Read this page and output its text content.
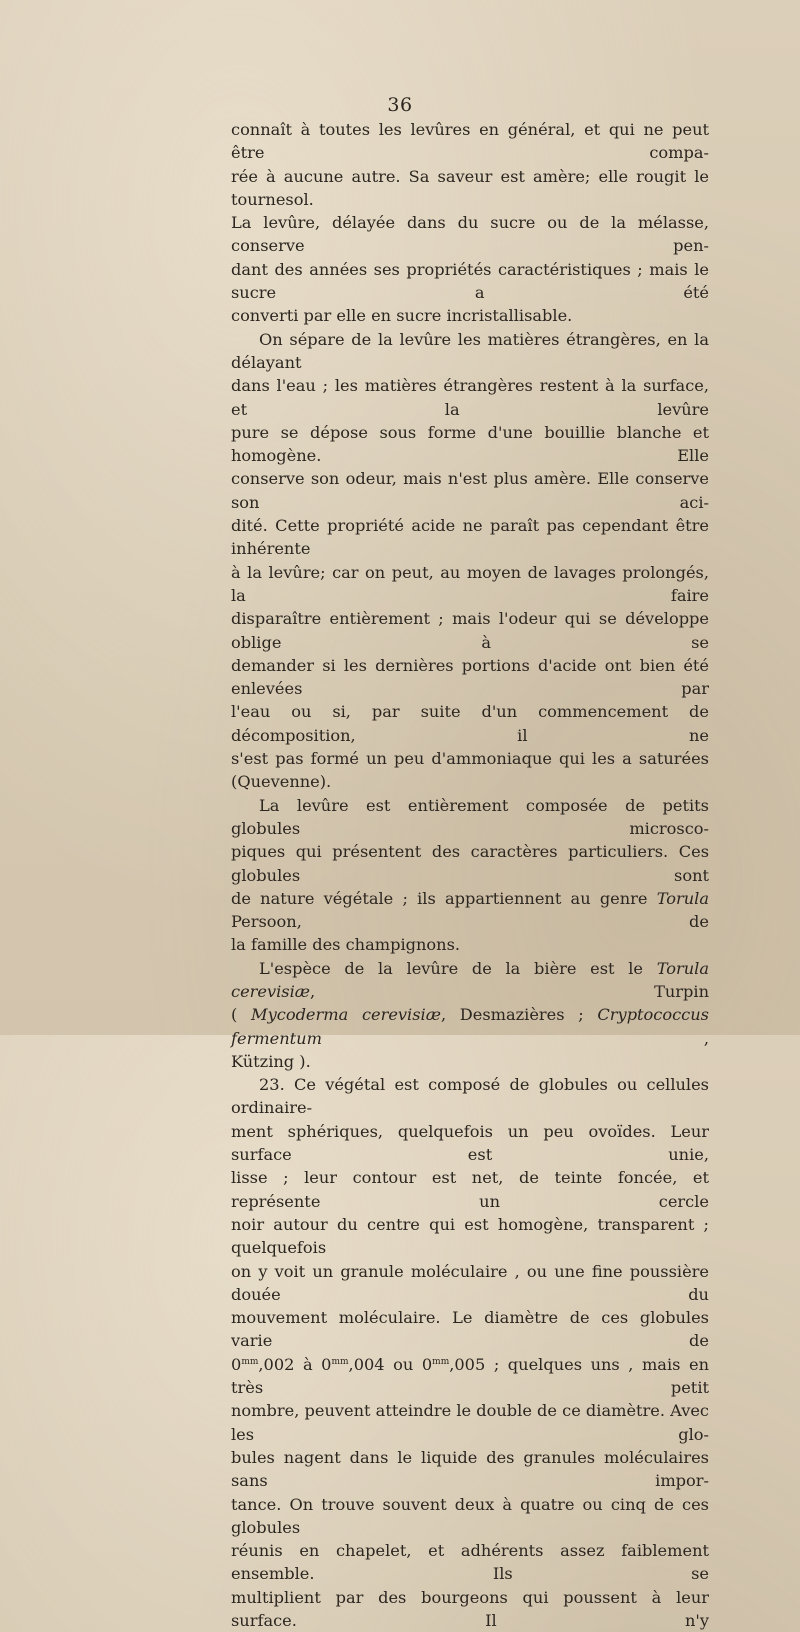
36

connaît à toutes les levûres en général, et qui ne peut être compa-

rée à aucune autre. Sa saveur est amère; elle rougit le tournesol.

La levûre, délayée dans du sucre ou de la mélasse, conserve pen-

dant des années ses propriétés caractéristiques ; mais le sucre a été

converti par elle en sucre incristallisable.

On sépare de la levûre les matières étrangères, en la délayant

dans l'eau ; les matières étrangères restent à la surface, et la levûre

pure se dépose sous forme d'une bouillie blanche et homogène. Elle

conserve son odeur, mais n'est plus amère. Elle conserve son aci-

dité. Cette propriété acide ne paraît pas cependant être inhérente

à la levûre; car on peut, au moyen de lavages prolongés, la faire

disparaître entièrement ; mais l'odeur qui se développe oblige à se

demander si les dernières portions d'acide ont bien été enlevées par

l'eau ou si, par suite d'un commencement de décomposition, il ne

s'est pas formé un peu d'ammoniaque qui les a saturées (Quevenne).

La levûre est entièrement composée de petits globules microsco-

piques qui présentent des caractères particuliers. Ces globules sont

de nature végétale ; ils appartiennent au genre Torula Persoon, de

la famille des champignons.

L'espèce de la levûre de la bière est le Torula cerevisiæ, Turpin

( Mycoderma cerevisiæ, Desmazières ; Cryptococcus fermentum	,

Kützing ).

23. Ce végétal est composé de globules ou cellules ordinaire-

ment sphériques, quelquefois un peu ovoïdes. Leur surface est unie,

lisse ; leur contour est net, de teinte foncée, et représente un cercle

noir autour du centre qui est homogène, transparent ; quelquefois

on y voit un granule moléculaire , ou une fine poussière douée du

mouvement moléculaire. Le diamètre de ces globules varie de

$0^{mm},002$ à $0^{mm},004$ ou $0^{mm},005$ ; quelques uns , mais en très petit

nombre, peuvent atteindre le double de ce diamètre. Avec les glo-

bules nagent dans le liquide des granules moléculaires sans impor-

tance. On trouve souvent deux à quatre ou cinq de ces globules

réunis en chapelet, et adhérents assez faiblement ensemble. Ils se

multiplient par des bourgeons qui poussent à leur surface. Il n'y
